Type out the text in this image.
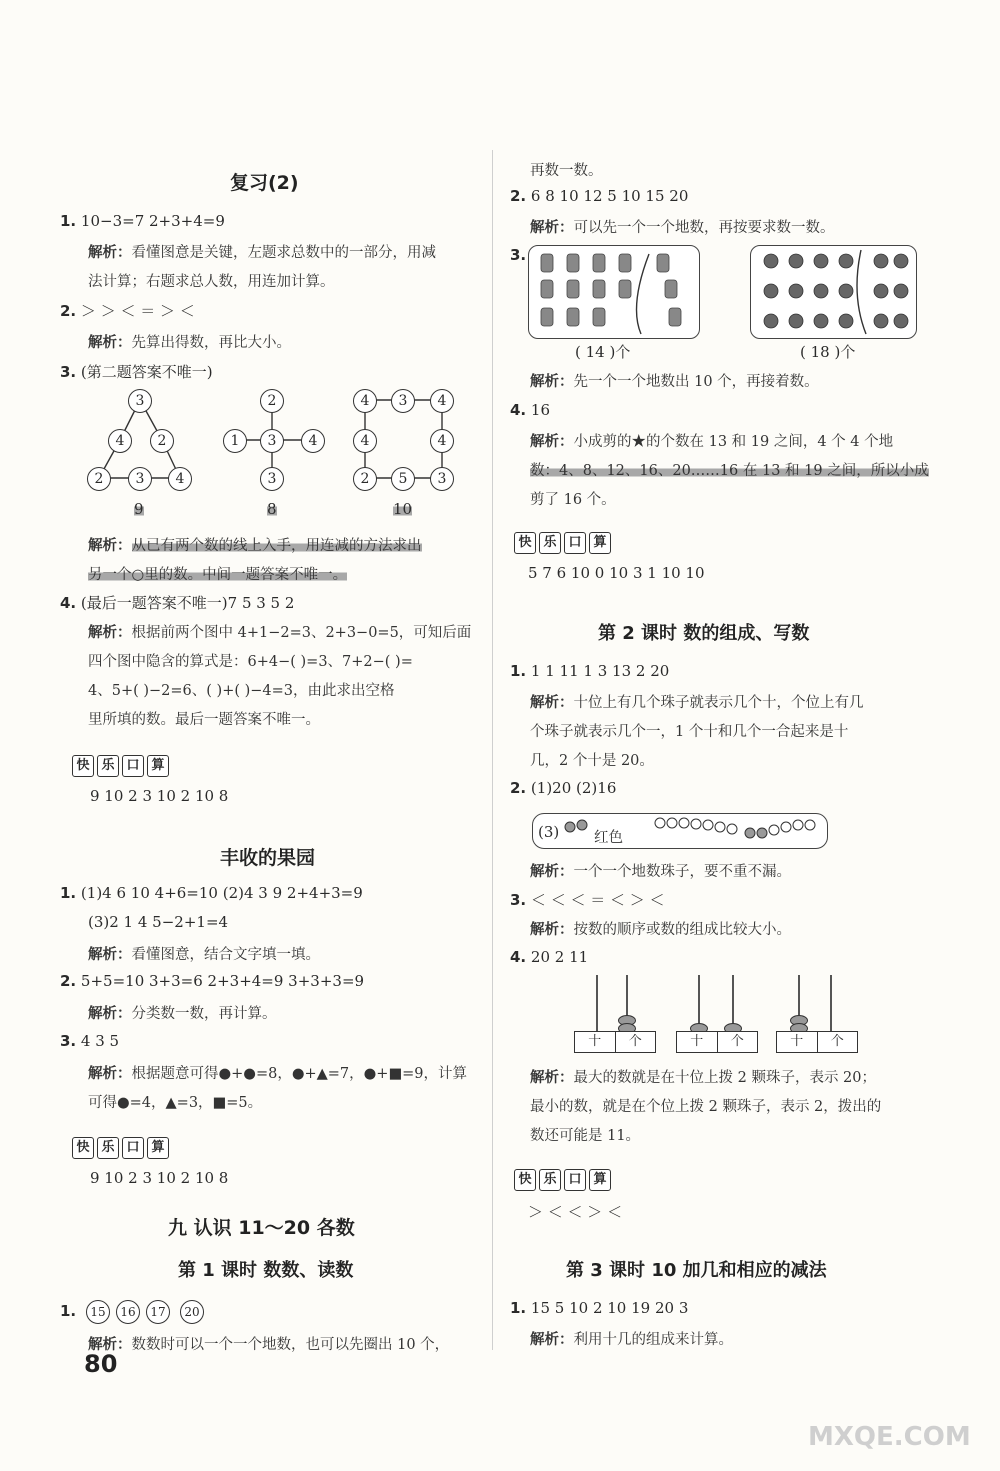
复习(2)
1. 10−3=7 2+3+4=9
解析：看懂图意是关键，左题求总数中的一部分，用减
法计算；右题求总人数，用连加计算。
2. ＞ ＞ ＜ ＝ ＞ ＜
解析：先算出得数，再比大小。
3. (第二题答案不唯一)
3
4	2
2	3	4
2
1	3	4
3
4	3	4
4	4
2	5	3
9	8	10
解析：从已有两个数的线上入手，用连减的方法求出
另一个○里的数。中间一题答案不唯一。
4. (最后一题答案不唯一)7 5 3 5 2
解析：根据前两个图中 4+1−2=3、2+3−0=5，可知后面
四个图中隐含的算式是：6+4−( )=3、7+2−( )=
4、5+( )−2=6、( )+( )−4=3，由此求出空格
里所填的数。最后一题答案不唯一。
快 乐 口 算
9 10 2 3 10 2 10 8
丰收的果园
1. (1)4 6 10 4+6=10 (2)4 3 9 2+4+3=9
(3)2 1 4 5−2+1=4
解析：看懂图意，结合文字填一填。
2. 5+5=10 3+3=6 2+3+4=9 3+3+3=9
解析：分类数一数，再计算。
3. 4 3 5
解析：根据题意可得●+●=8，●+▲=7，●+■=9，计算
可得●=4，▲=3，■=5。
快 乐 口 算
9 10 2 3 10 2 10 8
九 认识 11～20 各数
第 1 课时 数数、读数
1.	15	16	17	20
解析：数数时可以一个一个地数，也可以先圈出 10 个，
80
再数一数。
2. 6 8 10 12 5 10 15 20
解析：可以先一个一个地数，再按要求数一数。
3.
( 14 )个	( 18 )个
解析：先一个一个地数出 10 个，再接着数。
4. 16
解析：小成剪的★的个数在 13 和 19 之间，4 个 4 个地
数：4、8、12、16、20……16 在 13 和 19 之间，所以小成
剪了 16 个。
快 乐 口 算
5 7 6 10 0 10 3 1 10 10
第 2 课时 数的组成、写数
1. 1 1 11 1 3 13 2 20
解析：十位上有几个珠子就表示几个十，个位上有几
个珠子就表示几个一，1 个十和几个一合起来是十
几，2 个十是 20。
2. (1)20 (2)16
(3) 红色
解析：一个一个地数珠子，要不重不漏。
3. ＜ ＜ ＜ ＝ ＜ ＞ ＜
解析：按数的顺序或数的组成比较大小。
4. 20 2 11
十	个	十	个	十	个
解析：最大的数就是在十位上拨 2 颗珠子，表示 20；
最小的数，就是在个位上拨 2 颗珠子，表示 2，拨出的
数还可能是 11。
快 乐 口 算
＞ ＜ ＜ ＞ ＜
第 3 课时 10 加几和相应的减法
1. 15 5 10 2 10 19 20 3
解析：利用十几的组成来计算。
MXQE.COM
